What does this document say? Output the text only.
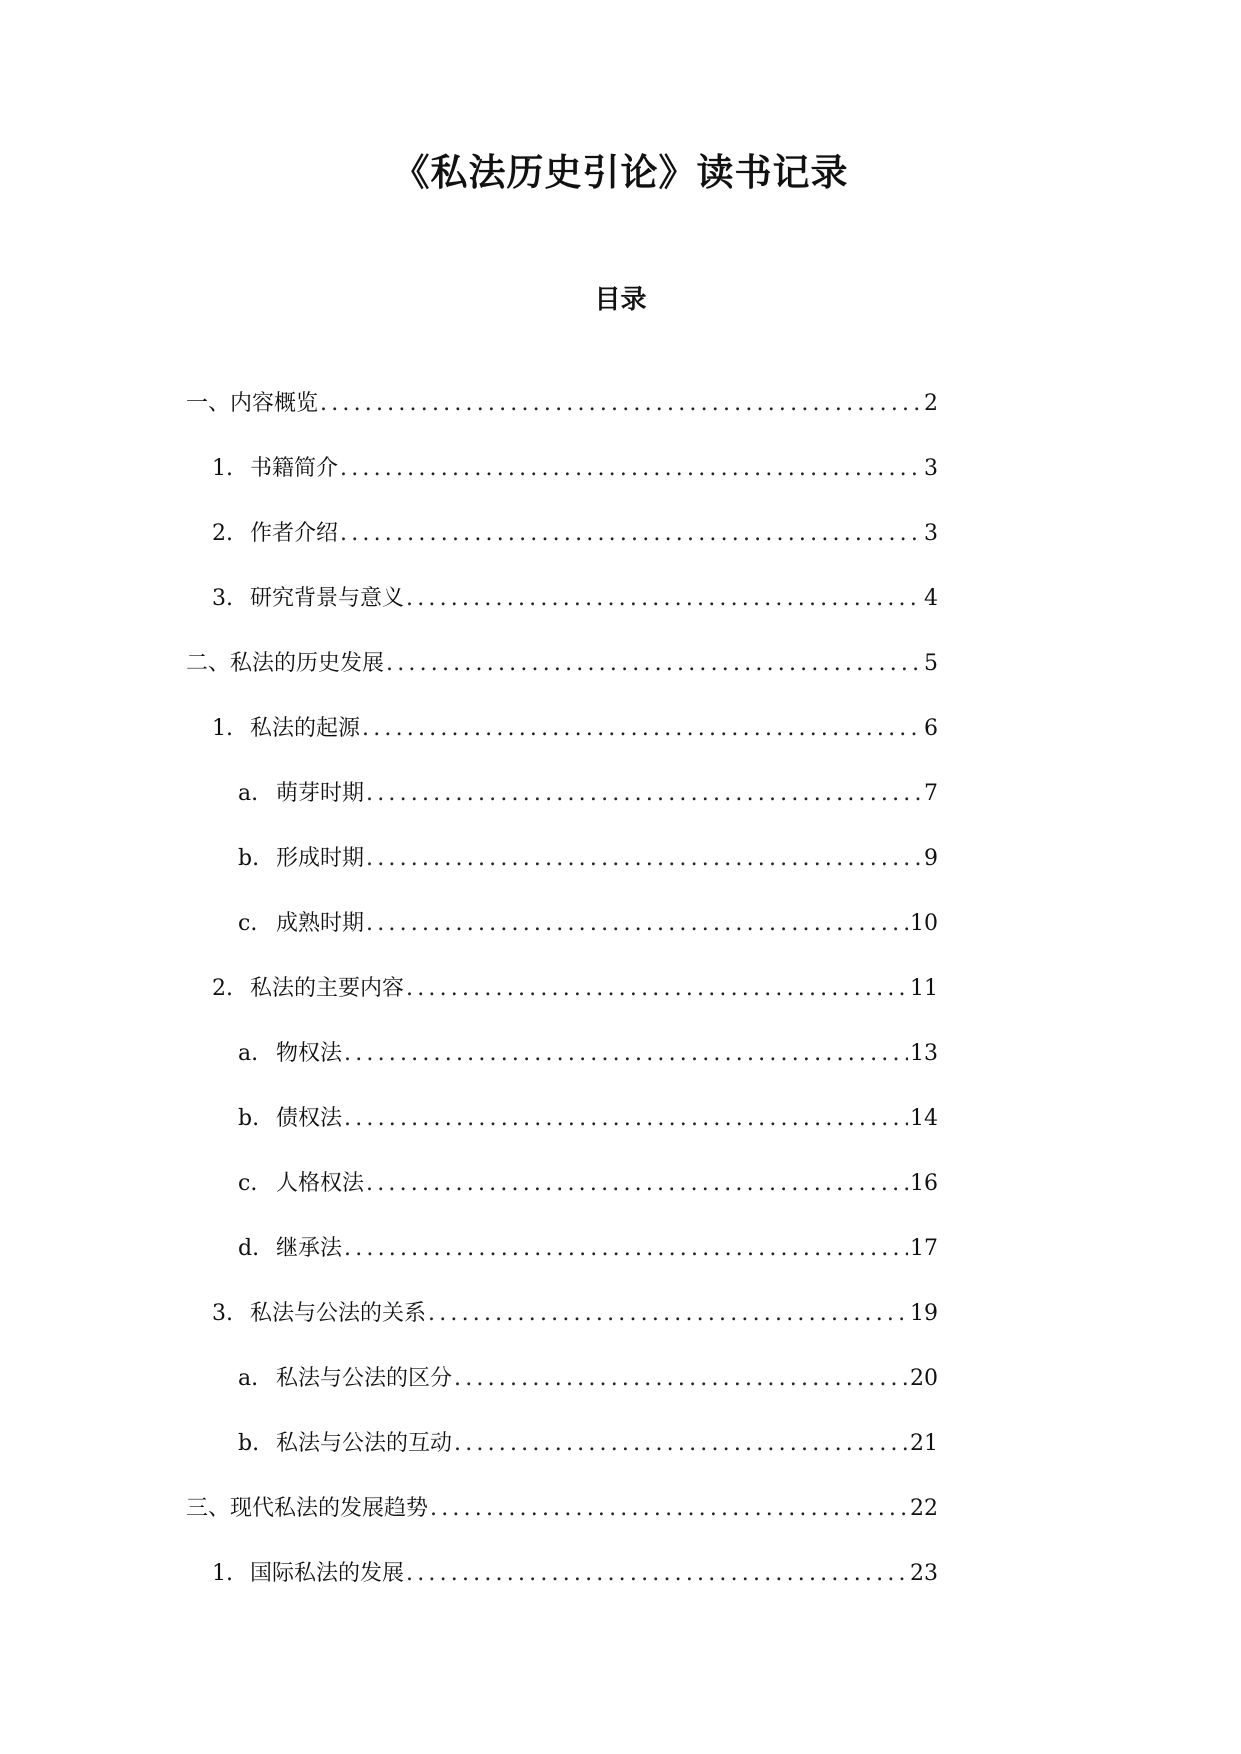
《私法历史引论》读书记录
目录
一、内容概览 .....	2
1. 书籍简介 .....	3
2. 作者介绍 .....	3
3. 研究背景与意义 .....	4
二、私法的历史发展 .....	5
1. 私法的起源 .....	6
a. 萌芽时期 .....	7
b. 形成时期 .....	9
c. 成熟时期 .....	10
2. 私法的主要内容 .....	11
a. 物权法 .....	13
b. 债权法 .....	14
c. 人格权法 .....	16
d. 继承法 .....	17
3. 私法与公法的关系 .....	19
a. 私法与公法的区分 .....	20
b. 私法与公法的互动 .....	21
三、现代私法的发展趋势 .....	22
1. 国际私法的发展 .....	23
